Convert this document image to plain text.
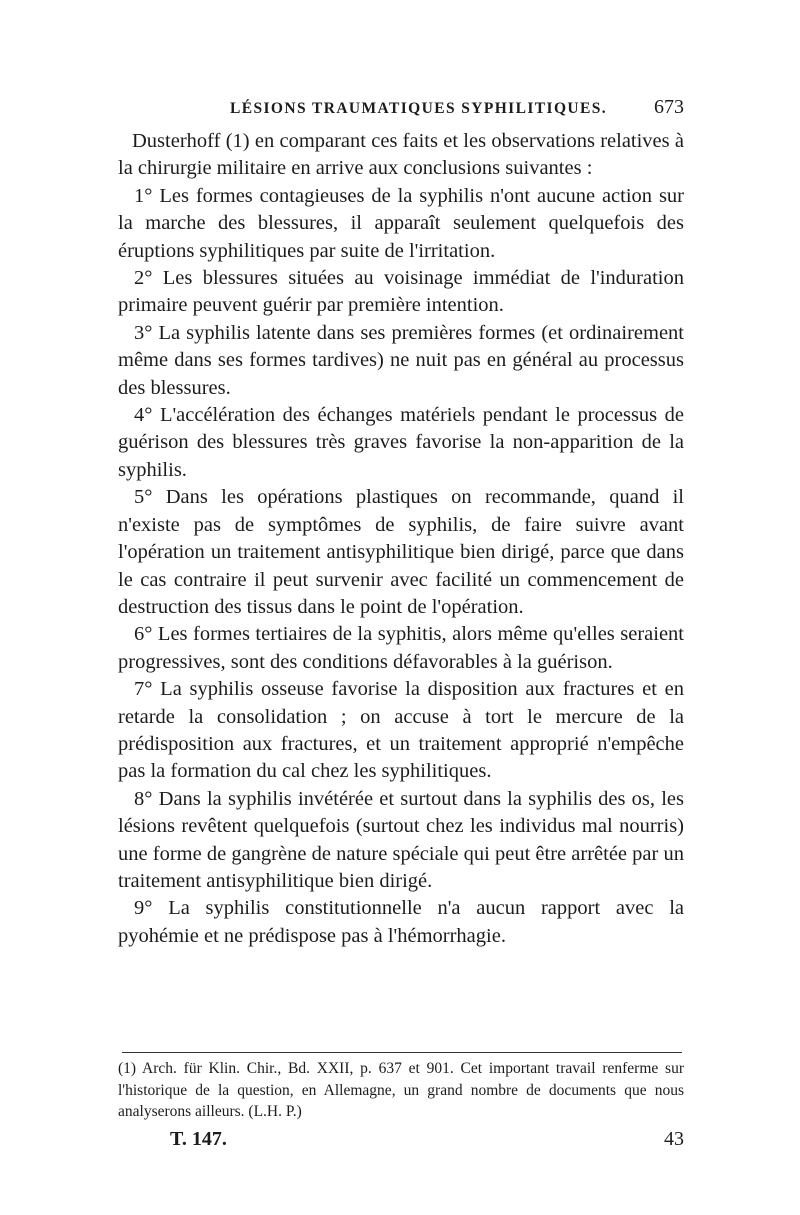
LÉSIONS TRAUMATIQUES SYPHILITIQUES. 673

Dusterhoff (1) en comparant ces faits et les observations relatives à la chirurgie militaire en arrive aux conclusions suivantes :

1° Les formes contagieuses de la syphilis n'ont aucune action sur la marche des blessures, il apparaît seulement quelquefois des éruptions syphilitiques par suite de l'irritation.

2° Les blessures situées au voisinage immédiat de l'induration primaire peuvent guérir par première intention.

3° La syphilis latente dans ses premières formes (et ordinairement même dans ses formes tardives) ne nuit pas en général au processus des blessures.

4° L'accélération des échanges matériels pendant le processus de guérison des blessures très graves favorise la non-apparition de la syphilis.

5° Dans les opérations plastiques on recommande, quand il n'existe pas de symptômes de syphilis, de faire suivre avant l'opération un traitement antisyphilitique bien dirigé, parce que dans le cas contraire il peut survenir avec facilité un commencement de destruction des tissus dans le point de l'opération.

6° Les formes tertiaires de la syphitis, alors même qu'elles seraient progressives, sont des conditions défavorables à la guérison.

7° La syphilis osseuse favorise la disposition aux fractures et en retarde la consolidation ; on accuse à tort le mercure de la prédisposition aux fractures, et un traitement approprié n'empêche pas la formation du cal chez les syphilitiques.

8° Dans la syphilis invétérée et surtout dans la syphilis des os, les lésions revêtent quelquefois (surtout chez les individus mal nourris) une forme de gangrène de nature spéciale qui peut être arrêtée par un traitement antisyphilitique bien dirigé.

9° La syphilis constitutionnelle n'a aucun rapport avec la pyohémie et ne prédispose pas à l'hémorrhagie.

(1) Arch. für Klin. Chir., Bd. XXII, p. 637 et 901. Cet important travail renferme sur l'historique de la question, en Allemagne, un grand nombre de documents que nous analyserons ailleurs. (L.H. P.)

T. 147.	43
